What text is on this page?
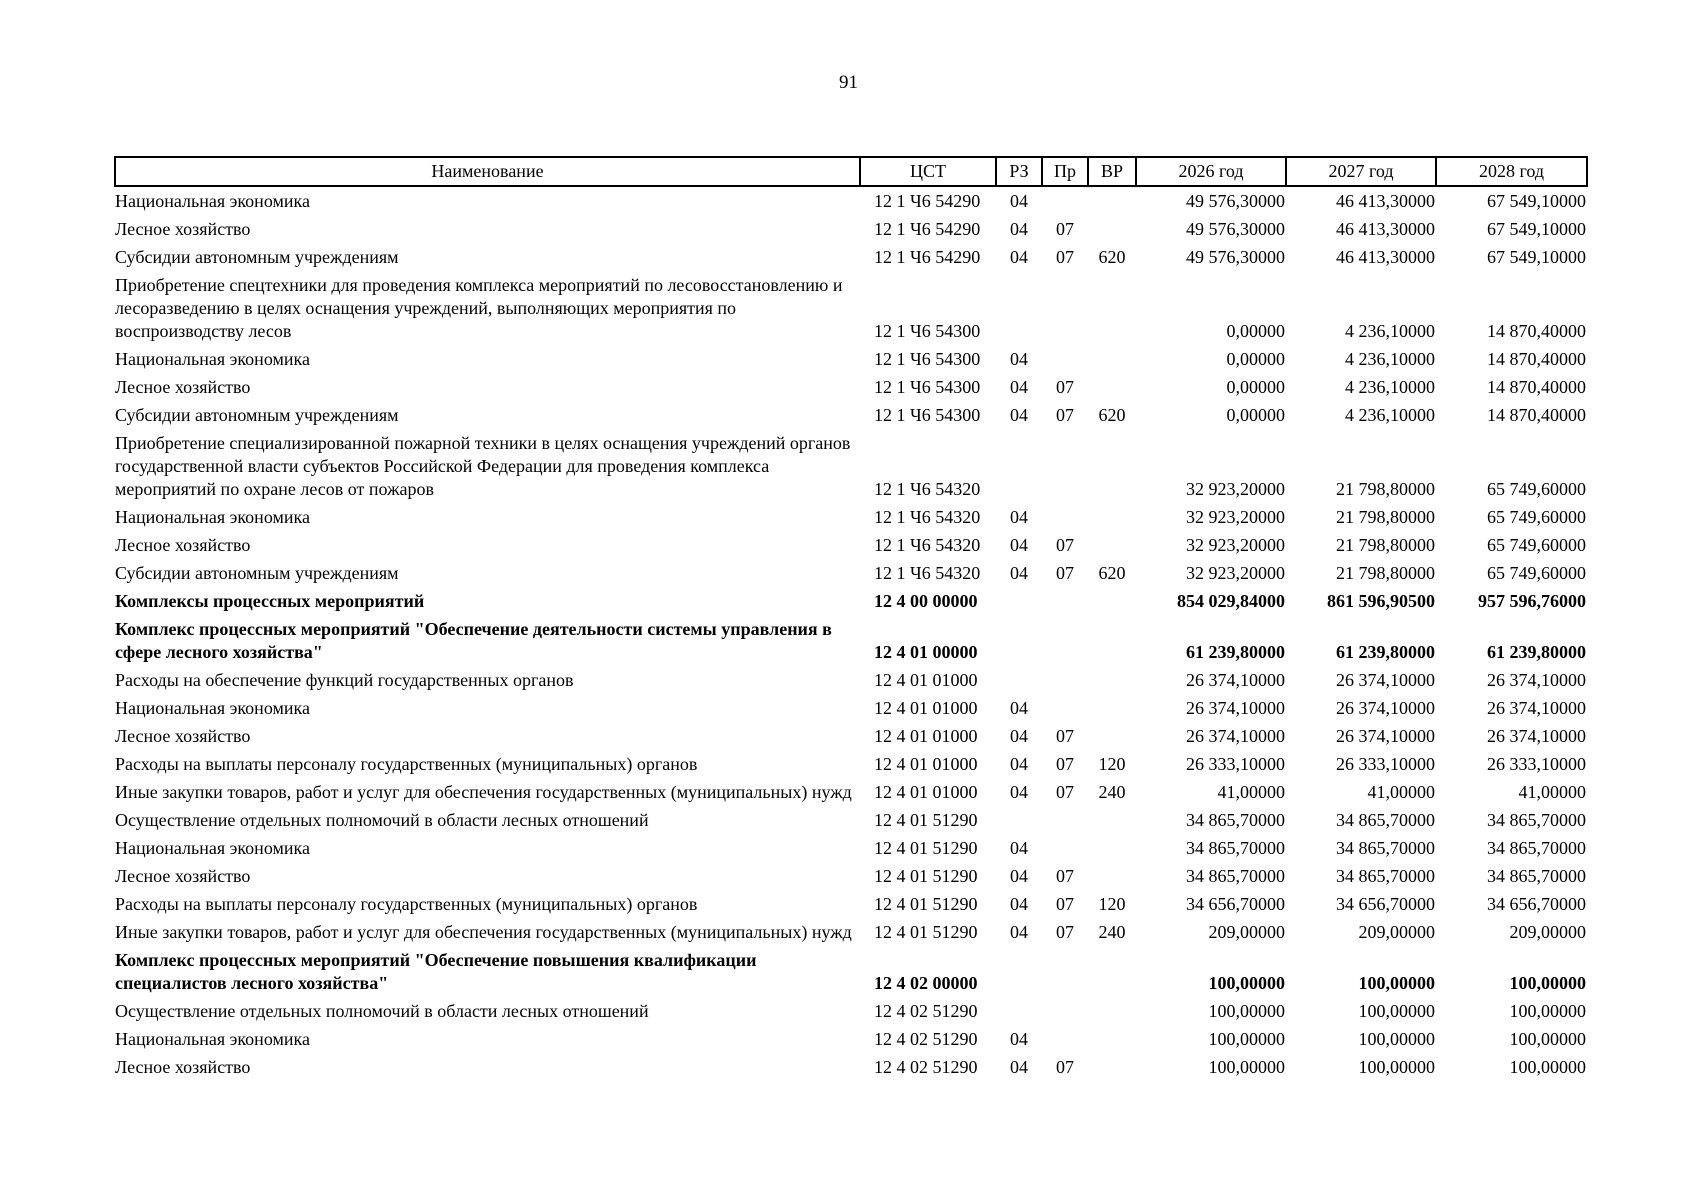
91
Наименование	ЦСТ	РЗ	Пр	ВР	2026 год	2027 год	2028 год
Национальная экономика	12 1 Ч6 54290	04			49 576,30000	46 413,30000	67 549,10000
Лесное хозяйство	12 1 Ч6 54290	04	07		49 576,30000	46 413,30000	67 549,10000
Субсидии автономным учреждениям	12 1 Ч6 54290	04	07	620	49 576,30000	46 413,30000	67 549,10000
Приобретение спецтехники для проведения комплекса мероприятий по лесовосстановлению и лесоразведению в целях оснащения учреждений, выполняющих мероприятия по воспроизводству лесов	12 1 Ч6 54300				0,00000	4 236,10000	14 870,40000
Национальная экономика	12 1 Ч6 54300	04			0,00000	4 236,10000	14 870,40000
Лесное хозяйство	12 1 Ч6 54300	04	07		0,00000	4 236,10000	14 870,40000
Субсидии автономным учреждениям	12 1 Ч6 54300	04	07	620	0,00000	4 236,10000	14 870,40000
Приобретение специализированной пожарной техники в целях оснащения учреждений органов государственной власти субъектов Российской Федерации для проведения комплекса мероприятий по охране лесов от пожаров	12 1 Ч6 54320				32 923,20000	21 798,80000	65 749,60000
Национальная экономика	12 1 Ч6 54320	04			32 923,20000	21 798,80000	65 749,60000
Лесное хозяйство	12 1 Ч6 54320	04	07		32 923,20000	21 798,80000	65 749,60000
Субсидии автономным учреждениям	12 1 Ч6 54320	04	07	620	32 923,20000	21 798,80000	65 749,60000
Комплексы процессных мероприятий	12 4 00 00000				854 029,84000	861 596,90500	957 596,76000
Комплекс процессных мероприятий "Обеспечение деятельности системы управления в сфере лесного хозяйства"	12 4 01 00000				61 239,80000	61 239,80000	61 239,80000
Расходы на обеспечение функций государственных органов	12 4 01 01000				26 374,10000	26 374,10000	26 374,10000
Национальная экономика	12 4 01 01000	04			26 374,10000	26 374,10000	26 374,10000
Лесное хозяйство	12 4 01 01000	04	07		26 374,10000	26 374,10000	26 374,10000
Расходы на выплаты персоналу государственных (муниципальных) органов	12 4 01 01000	04	07	120	26 333,10000	26 333,10000	26 333,10000
Иные закупки товаров, работ и услуг для обеспечения государственных (муниципальных) нужд	12 4 01 01000	04	07	240	41,00000	41,00000	41,00000
Осуществление отдельных полномочий в области лесных отношений	12 4 01 51290				34 865,70000	34 865,70000	34 865,70000
Национальная экономика	12 4 01 51290	04			34 865,70000	34 865,70000	34 865,70000
Лесное хозяйство	12 4 01 51290	04	07		34 865,70000	34 865,70000	34 865,70000
Расходы на выплаты персоналу государственных (муниципальных) органов	12 4 01 51290	04	07	120	34 656,70000	34 656,70000	34 656,70000
Иные закупки товаров, работ и услуг для обеспечения государственных (муниципальных) нужд	12 4 01 51290	04	07	240	209,00000	209,00000	209,00000
Комплекс процессных мероприятий "Обеспечение повышения квалификации специалистов лесного хозяйства"	12 4 02 00000				100,00000	100,00000	100,00000
Осуществление отдельных полномочий в области лесных отношений	12 4 02 51290				100,00000	100,00000	100,00000
Национальная экономика	12 4 02 51290	04			100,00000	100,00000	100,00000
Лесное хозяйство	12 4 02 51290	04	07		100,00000	100,00000	100,00000
